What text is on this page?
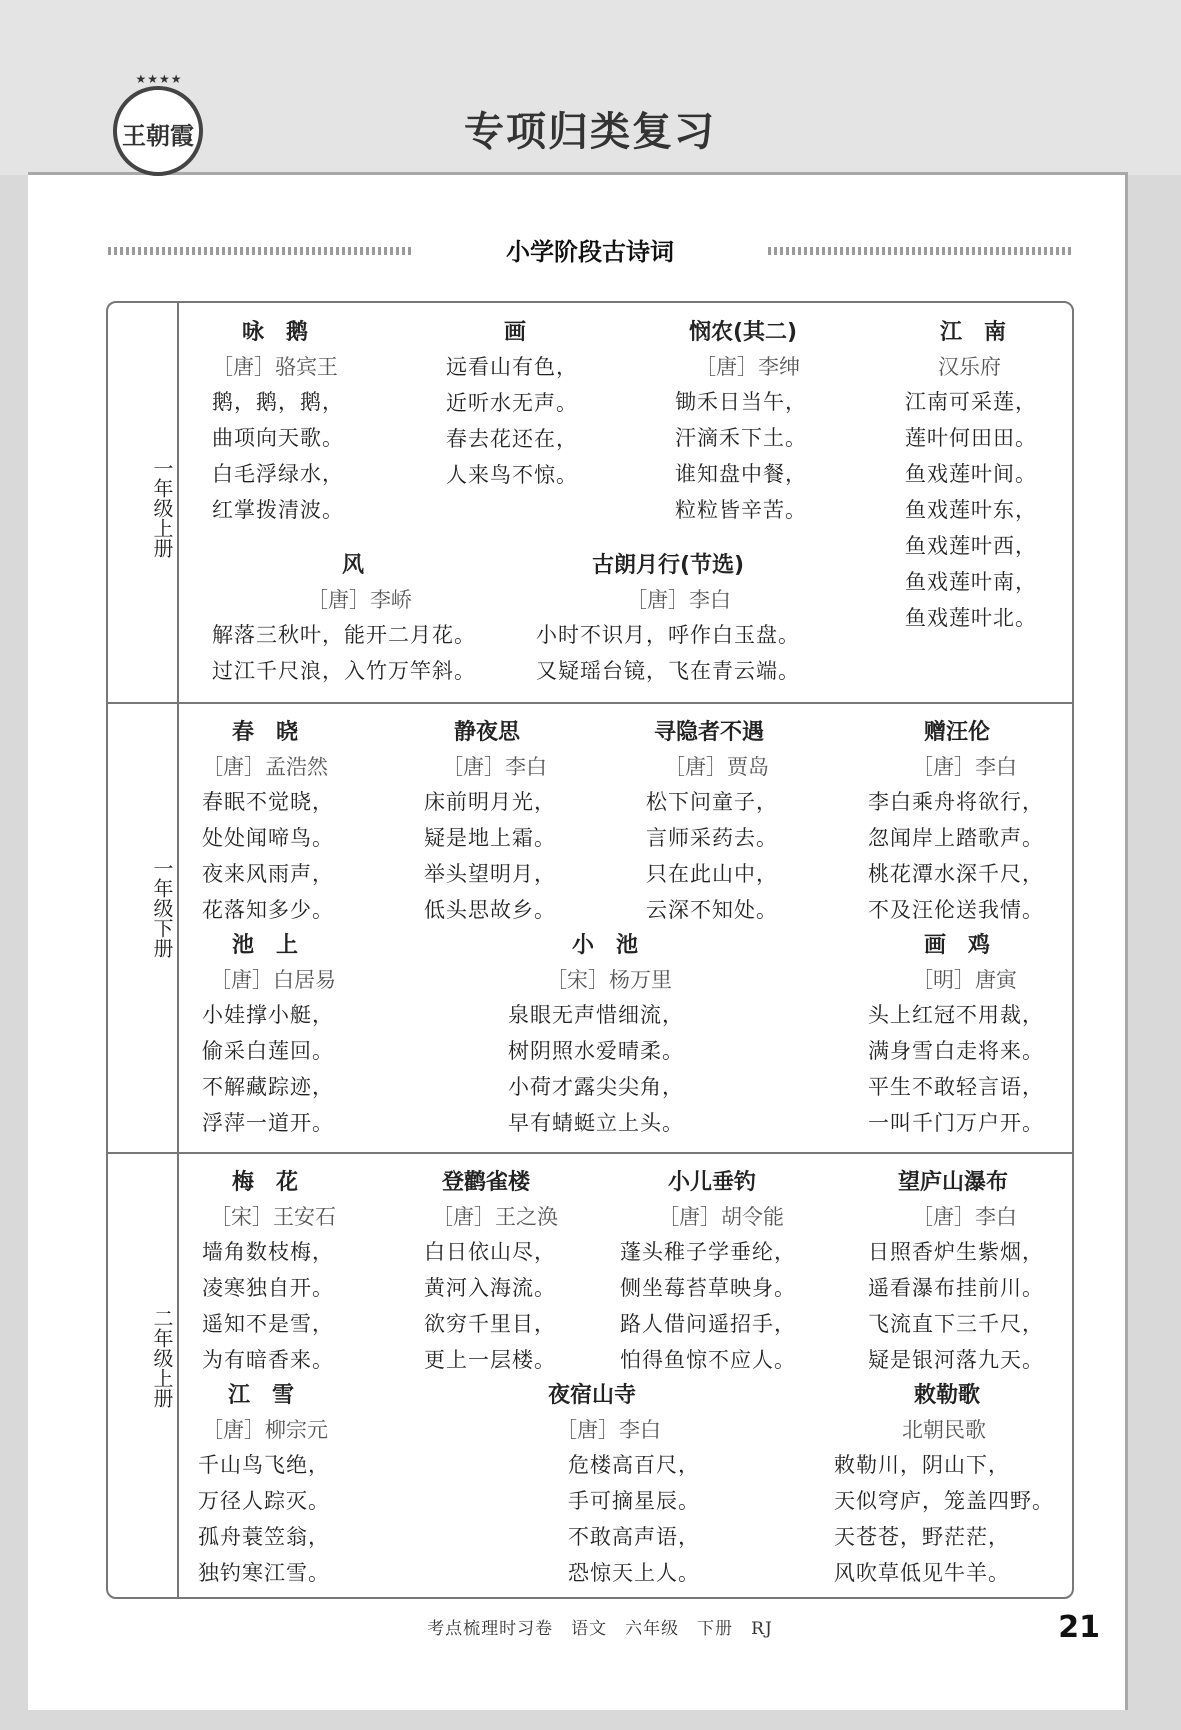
★★★★
王朝霞	专项归类复习
小学阶段古诗词
一年级上册
一年级下册
二年级上册
咏　鹅
［唐］骆宾王
鹅，鹅，鹅，
曲项向天歌。
白毛浮绿水，
红掌拨清波。
画
远看山有色，
近听水无声。
春去花还在，
人来鸟不惊。
悯农(其二)
［唐］李绅
锄禾日当午，
汗滴禾下土。
谁知盘中餐，
粒粒皆辛苦。
江　南
汉乐府
江南可采莲，
莲叶何田田。
鱼戏莲叶间。
鱼戏莲叶东，
鱼戏莲叶西，
鱼戏莲叶南，
鱼戏莲叶北。
风
［唐］李峤
解落三秋叶，能开二月花。
过江千尺浪，入竹万竿斜。
古朗月行(节选)
［唐］李白
小时不识月，呼作白玉盘。
又疑瑶台镜，飞在青云端。
春　晓
［唐］孟浩然
春眠不觉晓，
处处闻啼鸟。
夜来风雨声，
花落知多少。
静夜思
［唐］李白
床前明月光，
疑是地上霜。
举头望明月，
低头思故乡。
寻隐者不遇
［唐］贾岛
松下问童子，
言师采药去。
只在此山中，
云深不知处。
赠汪伦
［唐］李白
李白乘舟将欲行，
忽闻岸上踏歌声。
桃花潭水深千尺，
不及汪伦送我情。
池　上
［唐］白居易
小娃撑小艇，
偷采白莲回。
不解藏踪迹，
浮萍一道开。
小　池
［宋］杨万里
泉眼无声惜细流，
树阴照水爱晴柔。
小荷才露尖尖角，
早有蜻蜓立上头。
画　鸡
［明］唐寅
头上红冠不用裁，
满身雪白走将来。
平生不敢轻言语，
一叫千门万户开。
梅　花
［宋］王安石
墙角数枝梅，
凌寒独自开。
遥知不是雪，
为有暗香来。
登鹳雀楼
［唐］王之涣
白日依山尽，
黄河入海流。
欲穷千里目，
更上一层楼。
小儿垂钓
［唐］胡令能
蓬头稚子学垂纶，
侧坐莓苔草映身。
路人借问遥招手，
怕得鱼惊不应人。
望庐山瀑布
［唐］李白
日照香炉生紫烟，
遥看瀑布挂前川。
飞流直下三千尺，
疑是银河落九天。
江　雪
［唐］柳宗元
千山鸟飞绝，
万径人踪灭。
孤舟蓑笠翁，
独钓寒江雪。
夜宿山寺
［唐］李白
危楼高百尺，
手可摘星辰。
不敢高声语，
恐惊天上人。
敕勒歌
北朝民歌
敕勒川，阴山下，
天似穹庐，笼盖四野。
天苍苍，野茫茫，
风吹草低见牛羊。
考点梳理时习卷　语文　六年级　下册　RJ	21
